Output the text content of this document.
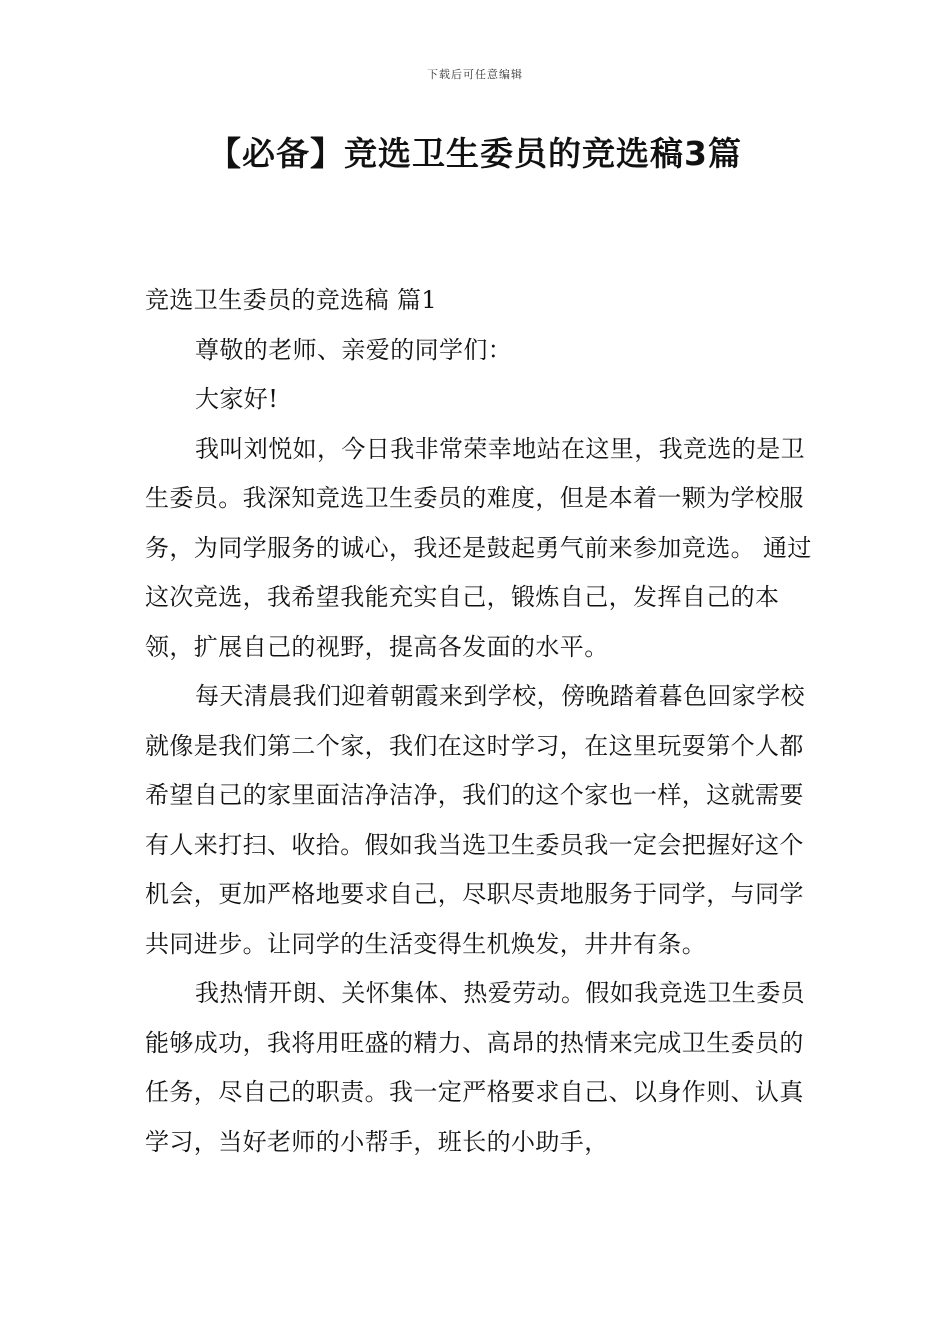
下载后可任意编辑
【必备】竞选卫生委员的竞选稿3篇

竞选卫生委员的竞选稿 篇1

尊敬的老师、亲爱的同学们：

大家好!

我叫刘悦如，今日我非常荣幸地站在这里，我竞选的是卫生委员。我深知竞选卫生委员的难度，但是本着一颗为学校服务，为同学服务的诚心，我还是鼓起勇气前来参加竞选。 通过这次竞选，我希望我能充实自己，锻炼自己，发挥自己的本领，扩展自己的视野，提高各发面的水平。

每天清晨我们迎着朝霞来到学校，傍晚踏着暮色回家学校就像是我们第二个家，我们在这时学习，在这里玩耍第个人都希望自己的家里面洁净洁净，我们的这个家也一样，这就需要有人来打扫、收拾。假如我当选卫生委员我一定会把握好这个机会，更加严格地要求自己，尽职尽责地服务于同学，与同学共同进步。让同学的生活变得生机焕发，井井有条。

我热情开朗、关怀集体、热爱劳动。假如我竞选卫生委员能够成功，我将用旺盛的精力、高昂的热情来完成卫生委员的任务，尽自己的职责。我一定严格要求自己、以身作则、认真学习，当好老师的小帮手，班长的小助手，
